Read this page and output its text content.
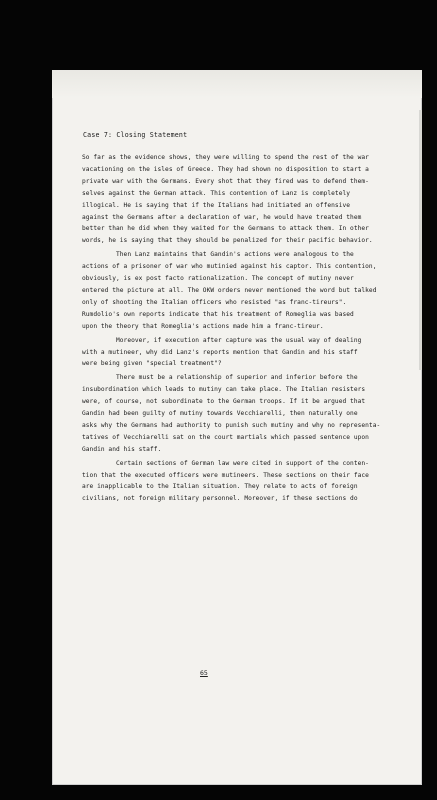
Case 7: Closing Statement
So far as the evidence shows, they were willing to spend the rest of the war
vacationing on the isles of Greece. They had shown no disposition to start a
private war with the Germans. Every shot that they fired was to defend them-
selves against the German attack. This contention of Lanz is completely
illogical. He is saying that if the Italians had initiated an offensive
against the Germans after a declaration of war, he would have treated them
better than he did when they waited for the Germans to attack them. In other
words, he is saying that they should be penalized for their pacific behavior.
Then Lanz maintains that Gandin's actions were analogous to the
actions of a prisoner of war who mutinied against his captor. This contention,
obviously, is ex post facto rationalization. The concept of mutiny never
entered the picture at all. The OKW orders never mentioned the word but talked
only of shooting the Italian officers who resisted "as franc-tireurs".
Rumdolio's own reports indicate that his treatment of Romeglia was based
upon the theory that Romeglia's actions made him a franc-tireur.
Moreover, if execution after capture was the usual way of dealing
with a mutineer, why did Lanz's reports mention that Gandin and his staff
were being given "special treatment"?
There must be a relationship of superior and inferior before the
insubordination which leads to mutiny can take place. The Italian resisters
were, of course, not subordinate to the German troops. If it be argued that
Gandin had been guilty of mutiny towards Vecchiarelli, then naturally one
asks why the Germans had authority to punish such mutiny and why no representa-
tatives of Vecchiarelli sat on the court martials which passed sentence upon
Gandin and his staff.
Certain sections of German law were cited in support of the conten-
tion that the executed officers were mutineers. These sections on their face
are inapplicable to the Italian situation. They relate to acts of foreign
civilians, not foreign military personnel. Moreover, if these sections do
65
